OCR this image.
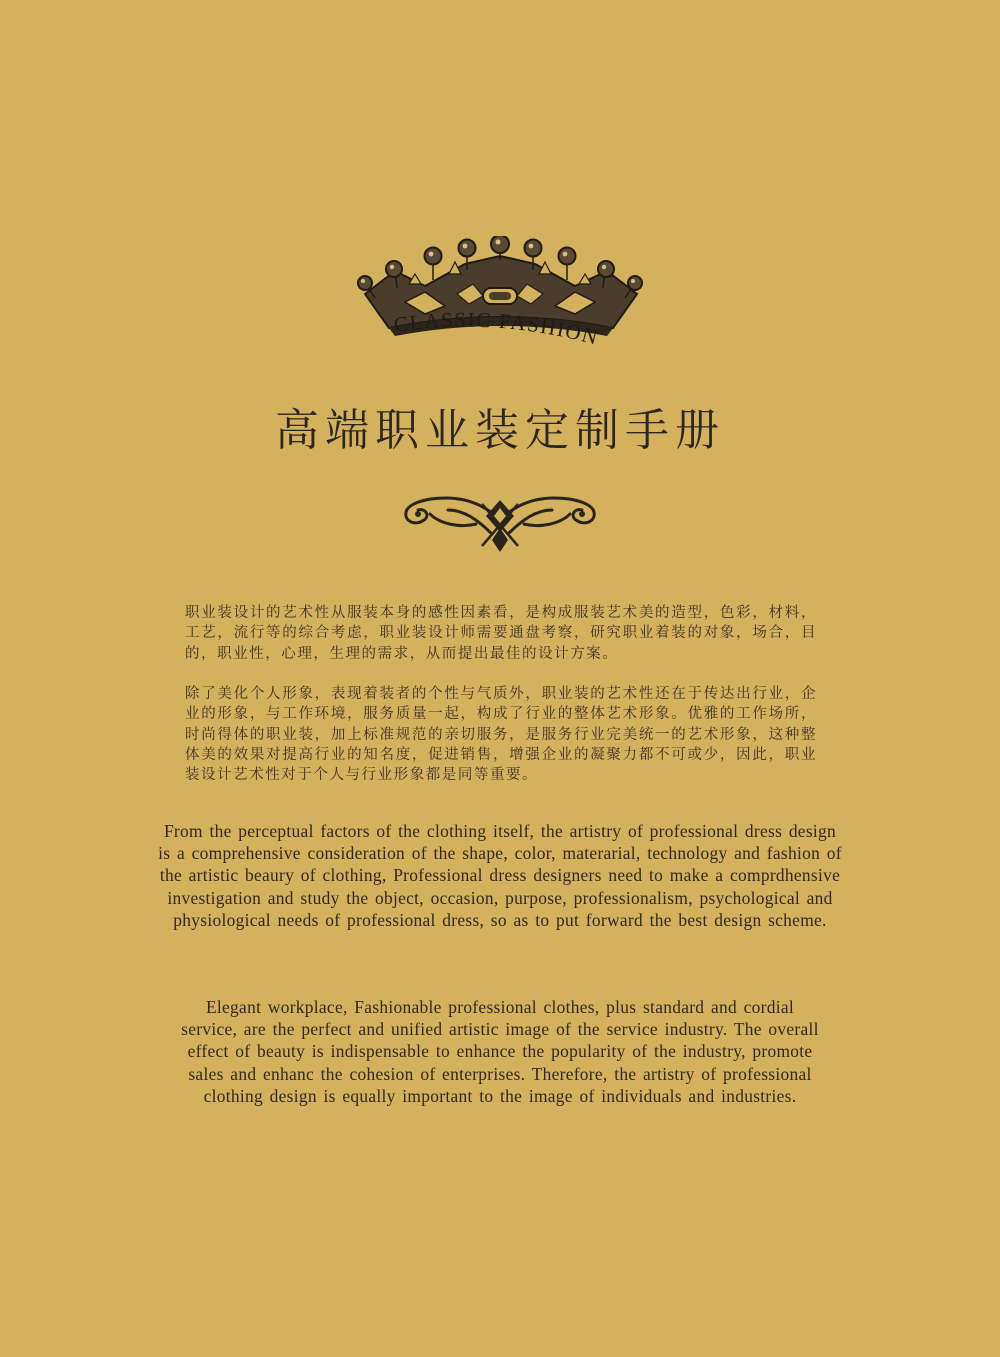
CLASSIC FASHION
高端职业装定制手册
职业装设计的艺术性从服装本身的感性因素看，是构成服装艺术美的造型，色彩，材料，工艺，流行等的综合考虑，职业装设计师需要通盘考察，研究职业着装的对象，场合，目的，职业性，心理，生理的需求，从而提出最佳的设计方案。
除了美化个人形象，表现着装者的个性与气质外，职业装的艺术性还在于传达出行业，企业的形象，与工作环境，服务质量一起，构成了行业的整体艺术形象。优雅的工作场所，时尚得体的职业装，加上标准规范的亲切服务，是服务行业完美统一的艺术形象，这种整体美的效果对提高行业的知名度，促进销售，增强企业的凝聚力都不可或少，因此，职业装设计艺术性对于个人与行业形象都是同等重要。
From the perceptual factors of the clothing itself, the artistry of professional dress design is a comprehensive consideration of the shape, color, materarial, technology and fashion of the artistic beaury of clothing, Professional dress designers need to make a comprdhensive investigation and study the object, occasion, purpose, professionalism, psychological and physiological needs of professional dress, so as to put forward the best design scheme.
Elegant workplace, Fashionable professional clothes, plus standard and cordial service, are the perfect and unified artistic image of the service industry. The overall effect of beauty is indispensable to enhance the popularity of the industry, promote sales and enhanc the cohesion of enterprises. Therefore, the artistry of professional clothing design is equally important to the image of individuals and industries.
